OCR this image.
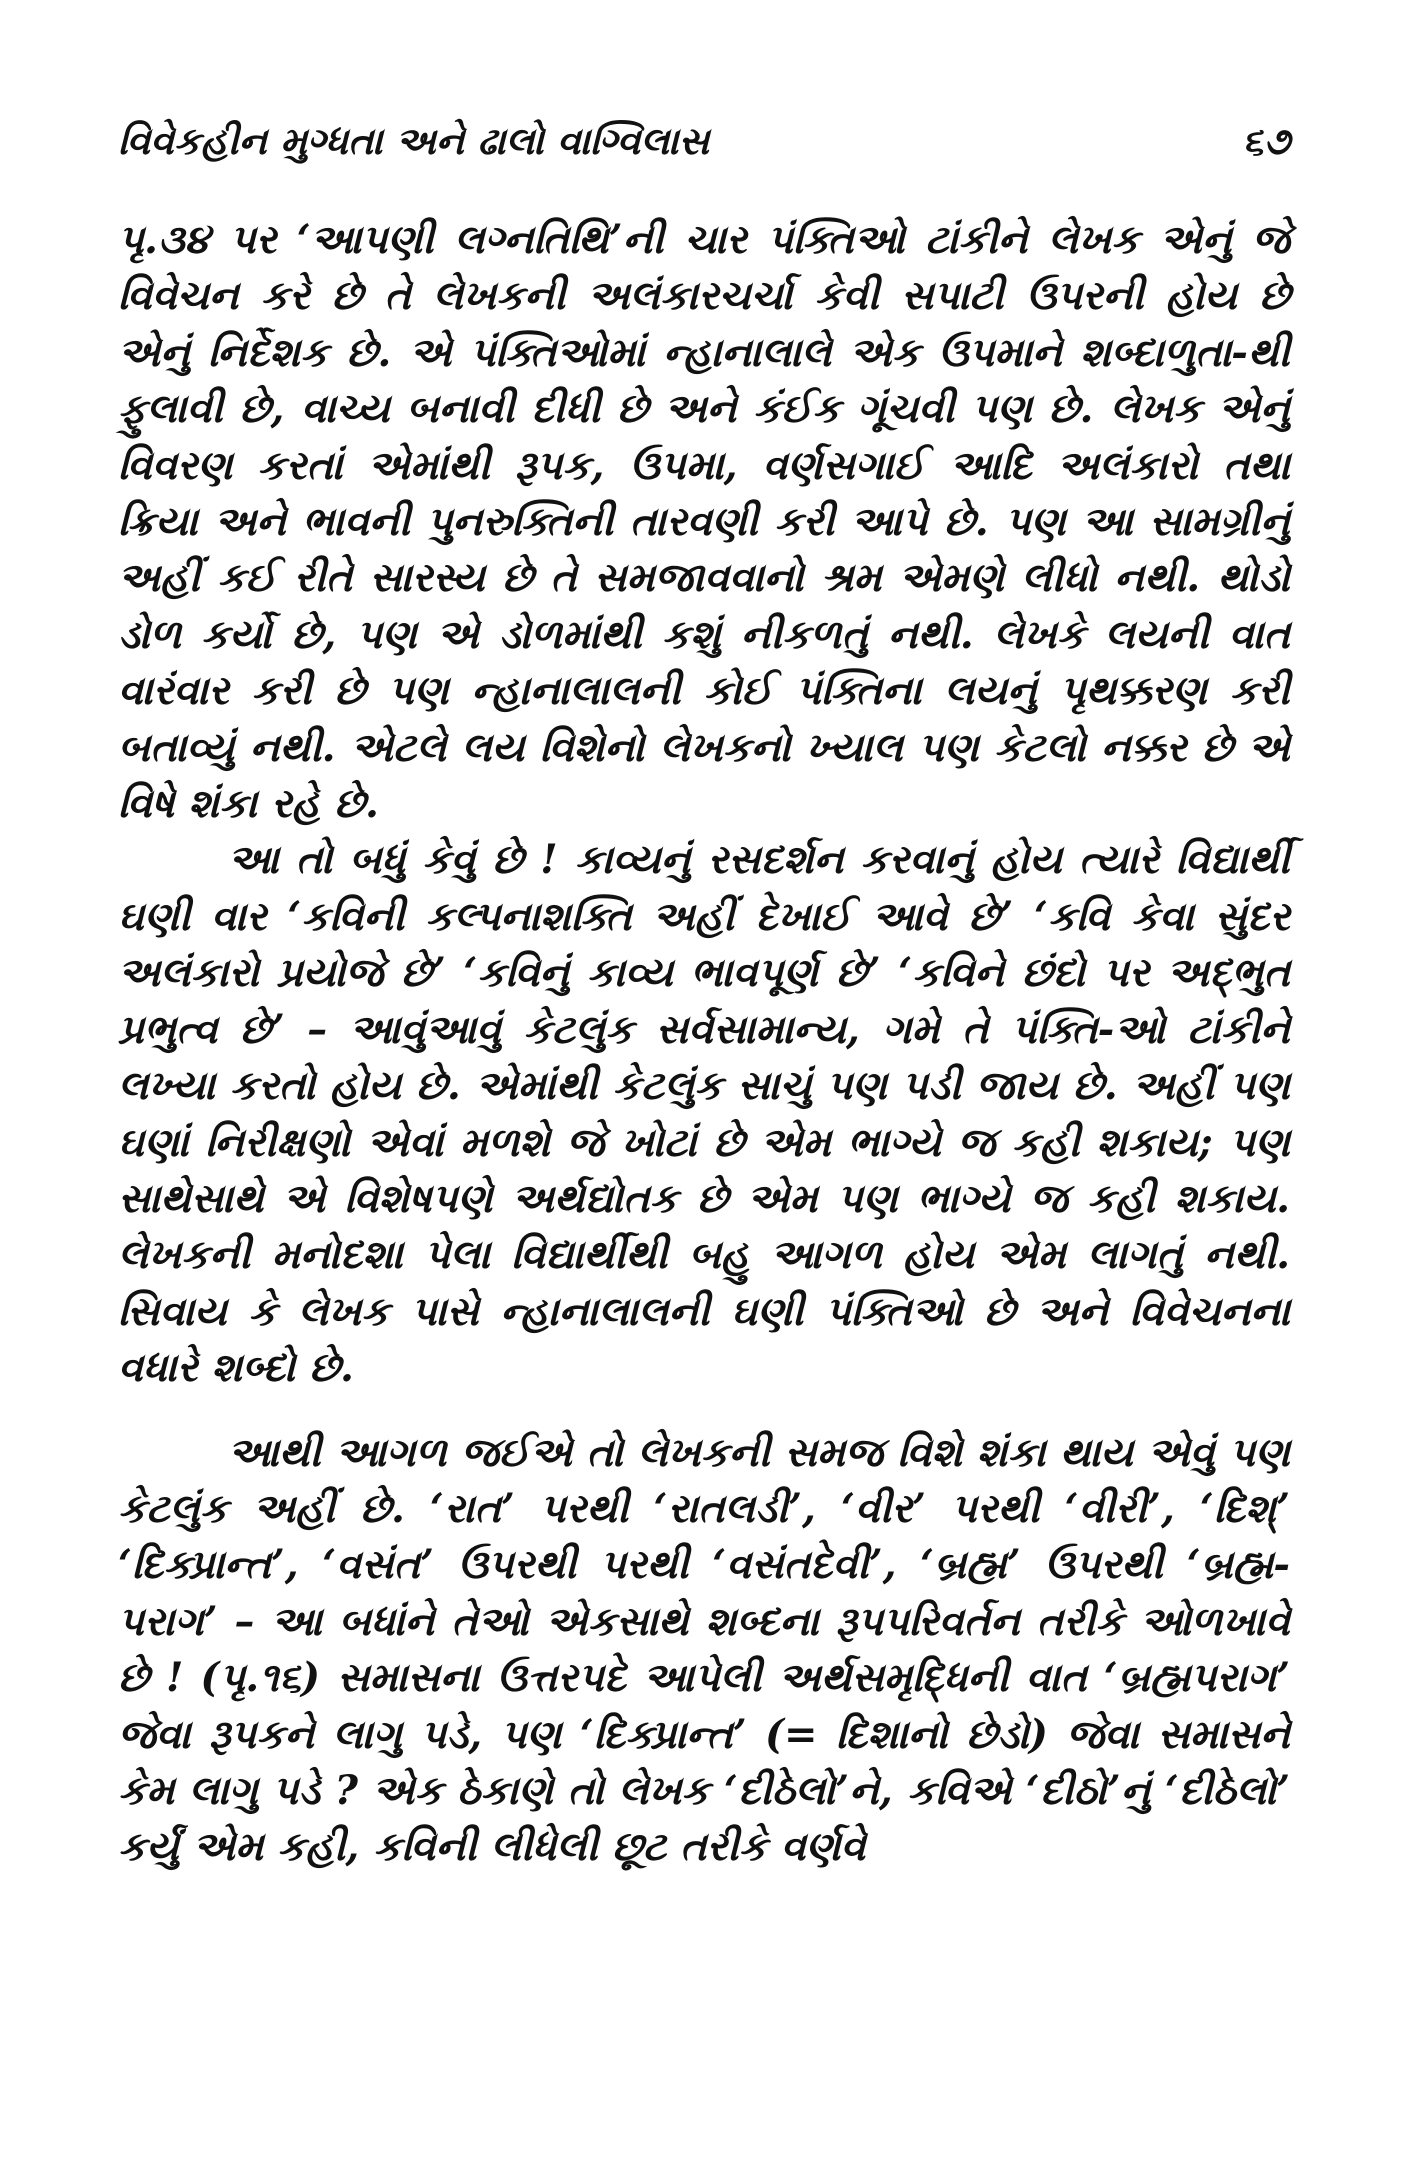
વિવેકહીન મુગ્ધતા અને ઢાલો વાગ્વિલાસ	૬૭

પૃ.૩૪ પર ‘આપણી લગ્નતિથિ’ની ચાર પંક્તિઓ ટાંકીને લેખક એનું જે વિવેચન કરે છે તે લેખકની અલંકારચર્ચા કેવી સપાટી ઉપરની હોય છે એનું નિર્દેશક છે. એ પંક્તિઓમાં ન્હાનાલાલે એક ઉપમાને શબ્દાળુતા-થી ફુલાવી છે, વાચ્ય બનાવી દીધી છે અને કંઈક ગૂંચવી પણ છે. લેખક એનું વિવરણ કરતાં એમાંથી રૂપક, ઉપમા, વર્ણસગાઈ આદિ અલંકારો તથા ક્રિયા અને ભાવની પુનરુક્તિની તારવણી કરી આપે છે. પણ આ સામગ્રીનું અહીં કઈ રીતે સારસ્ય છે તે સમજાવવાનો શ્રમ એમણે લીધો નથી. થોડો ડોળ કર્યો છે, પણ એ ડોળમાંથી કશું નીકળતું નથી. લેખકે લયની વાત વારંવાર કરી છે પણ ન્હાનાલાલની કોઈ પંક્તિના લયનું પૃથક્કરણ કરી બતાવ્યું નથી. એટલે લય વિશેનો લેખકનો ખ્યાલ પણ કેટલો નક્કર છે એ વિષે શંકા રહે છે.

આ તો બધું કેવું છે ! કાવ્યનું રસદર્શન કરવાનું હોય ત્યારે વિદ્યાર્થી ઘણી વાર ‘કવિની કલ્પનાશક્તિ અહીં દેખાઈ આવે છે’ ‘કવિ કેવા સુંદર અલંકારો પ્રયોજે છે’ ‘કવિનું કાવ્ય ભાવપૂર્ણ છે’ ‘કવિને છંદો પર અદ્‌ભુત પ્રભુત્વ છે’ – આવુંઆવું કેટલુંક સર્વસામાન્ય, ગમે તે પંક્તિ-ઓ ટાંકીને લખ્યા કરતો હોય છે. એમાંથી કેટલુંક સાચું પણ પડી જાય છે. અહીં પણ ઘણાં નિરીક્ષણો એવાં મળશે જે ખોટાં છે એમ ભાગ્યે જ કહી શકાય; પણ સાથેસાથે એ વિશેષપણે અર્થદ્યોતક છે એમ પણ ભાગ્યે જ કહી શકાય. લેખકની મનોદશા પેલા વિદ્યાર્થીથી બહુ આગળ હોય એમ લાગતું નથી. સિવાય કે લેખક પાસે ન્હાનાલાલની ઘણી પંક્તિઓ છે અને વિવેચનના વધારે શબ્દો છે.

આથી આગળ જઈએ તો લેખકની સમજ વિશે શંકા થાય એવું પણ કેટલુંક અહીં છે. ‘રાત’ પરથી ‘રાતલડી’, ‘વીર’ પરથી ‘વીરી’, ‘દિશ્’ ‘દિક્પ્રાન્ત’, ‘વસંત’ ઉપરથી પરથી ‘વસંતદેવી’, ‘બ્રહ્મ’ ઉપરથી ‘બ્રહ્મ-પરાગ’ – આ બધાંને તેઓ એકસાથે શબ્દના રૂપપરિવર્તન તરીકે ઓળખાવે છે ! (પૃ.૧૬) સમાસના ઉત્તરપદે આપેલી અર્થસમૃદ્ધિની વાત ‘બ્રહ્મપરાગ’ જેવા રૂપકને લાગુ પડે, પણ ‘દિક્પ્રાન્ત’ (= દિશાનો છેડો) જેવા સમાસને કેમ લાગુ પડે ? એક ઠેકાણે તો લેખક ‘દીઠેલો’ને, કવિએ ‘દીઠો’નું ‘દીઠેલો’ કર્યું એમ કહી, કવિની લીધેલી છૂટ તરીકે વર્ણવે
